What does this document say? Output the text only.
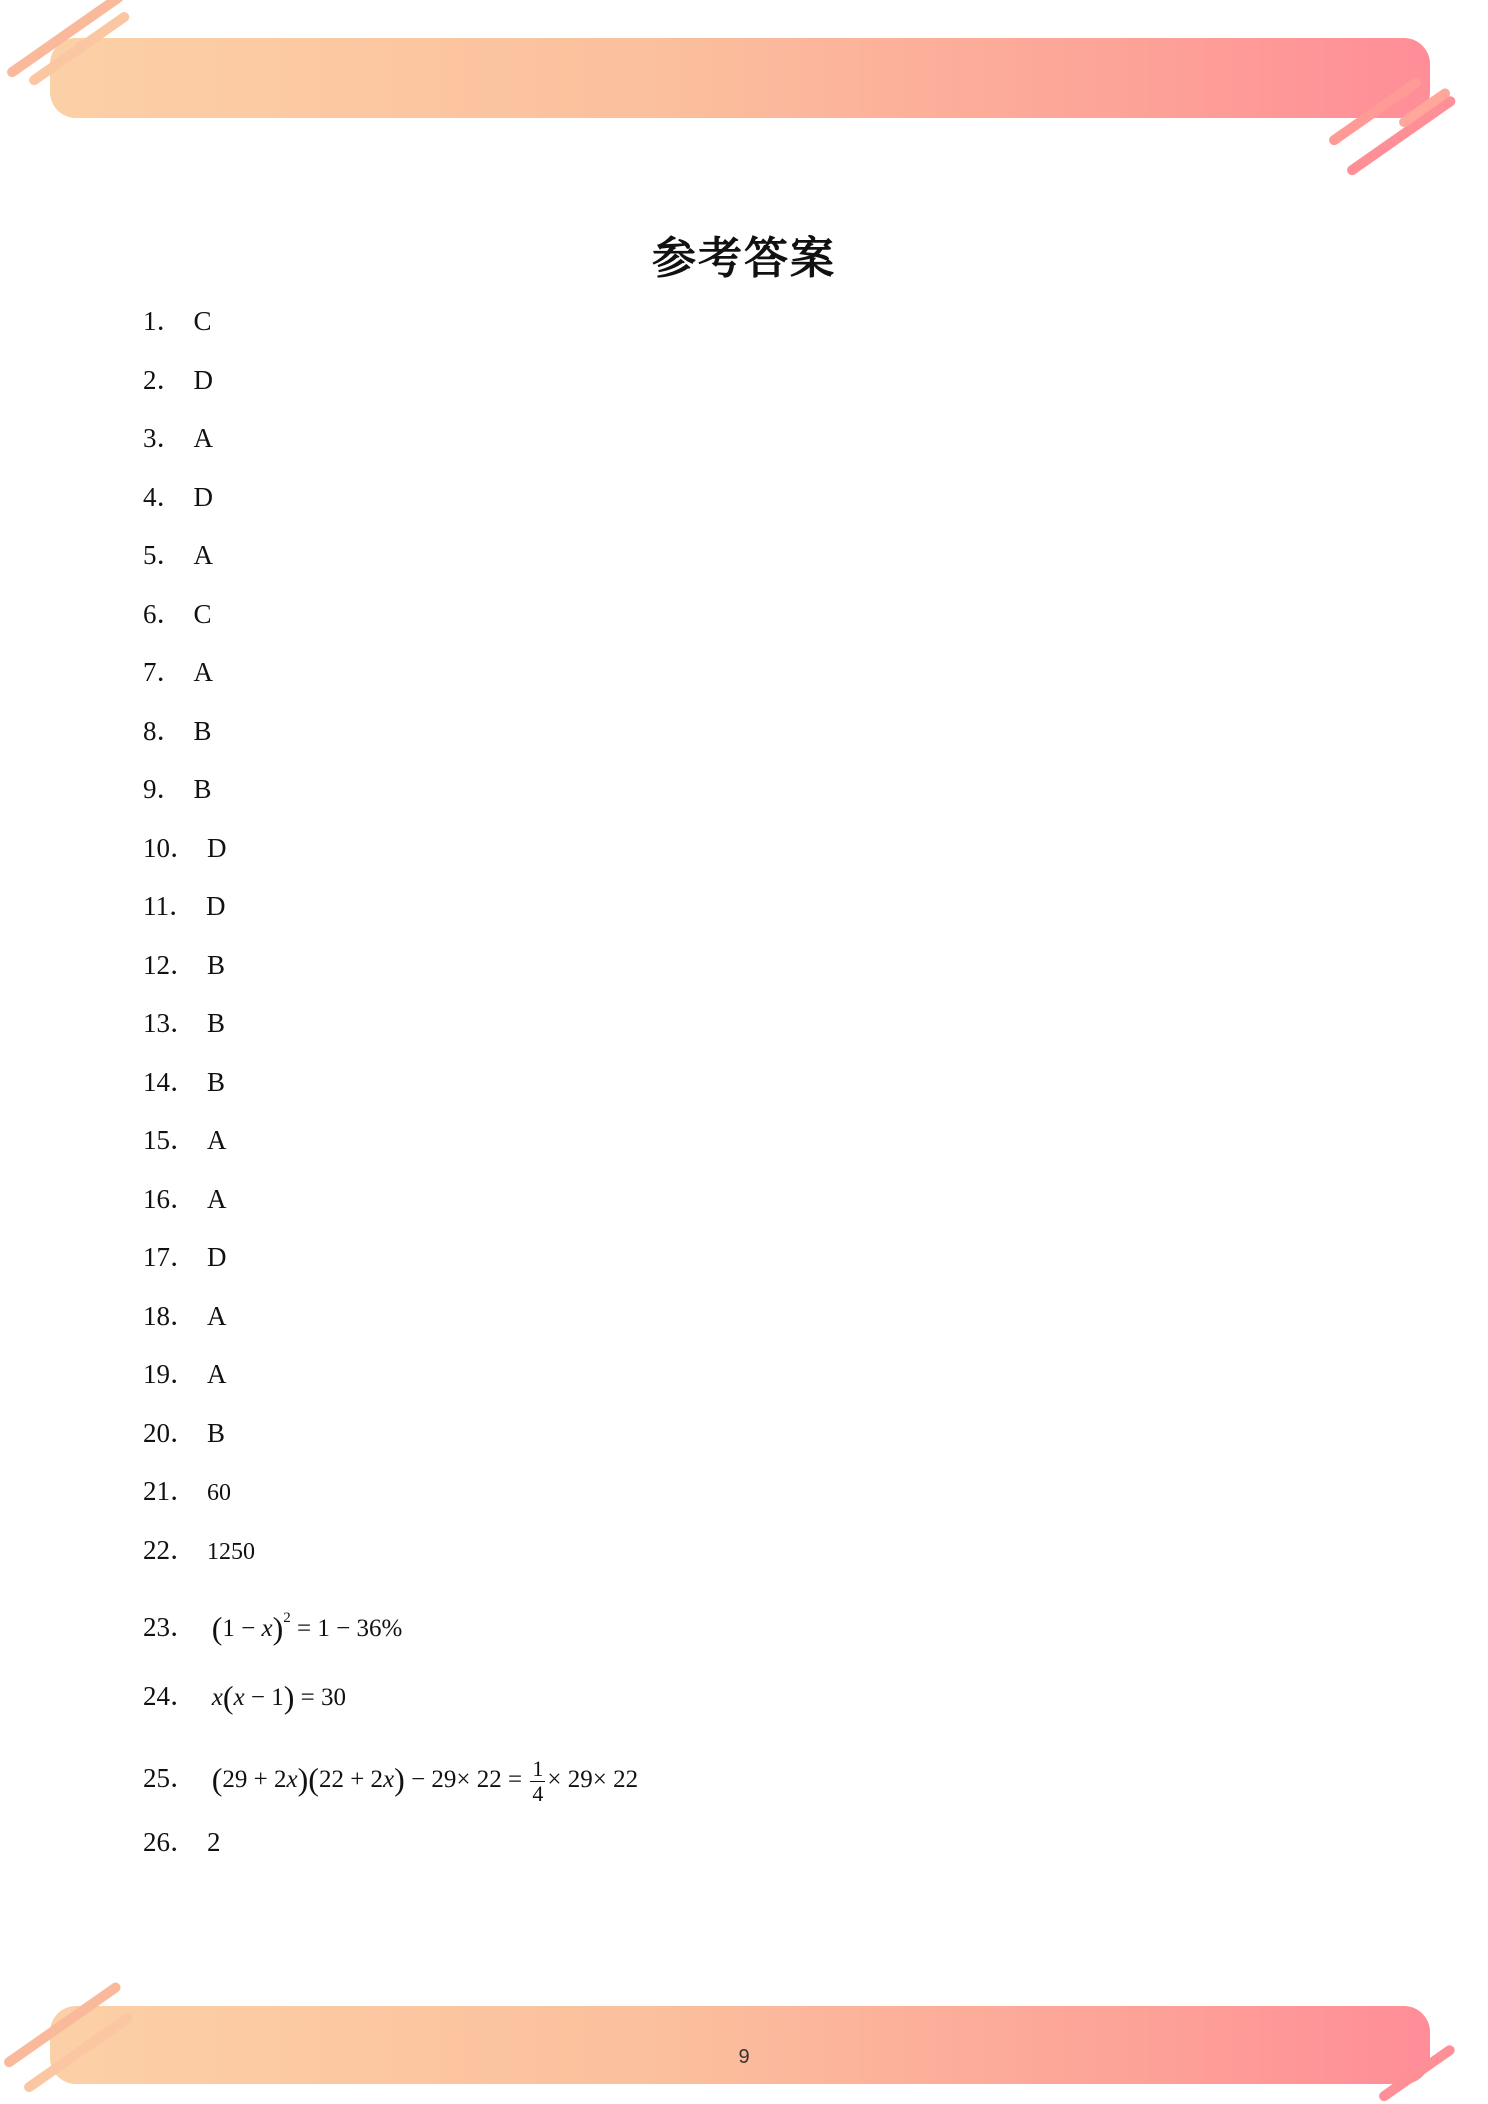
参考答案
1． C
2． D
3． A
4． D
5． A
6． C
7． A
8． B
9． B
10． D
11． D
12． B
13． B
14． B
15． A
16． A
17． D
18． A
19． A
20． B
21． 60
22． 1250
23． $(1 - x)^2 = 1 - 36\%$
24． x(x − 1) = 30
25． $(29 + 2x)(22 + 2x) - 29\times 22 = \frac{1}{4} \times 29\times 22$
26． 2
9
